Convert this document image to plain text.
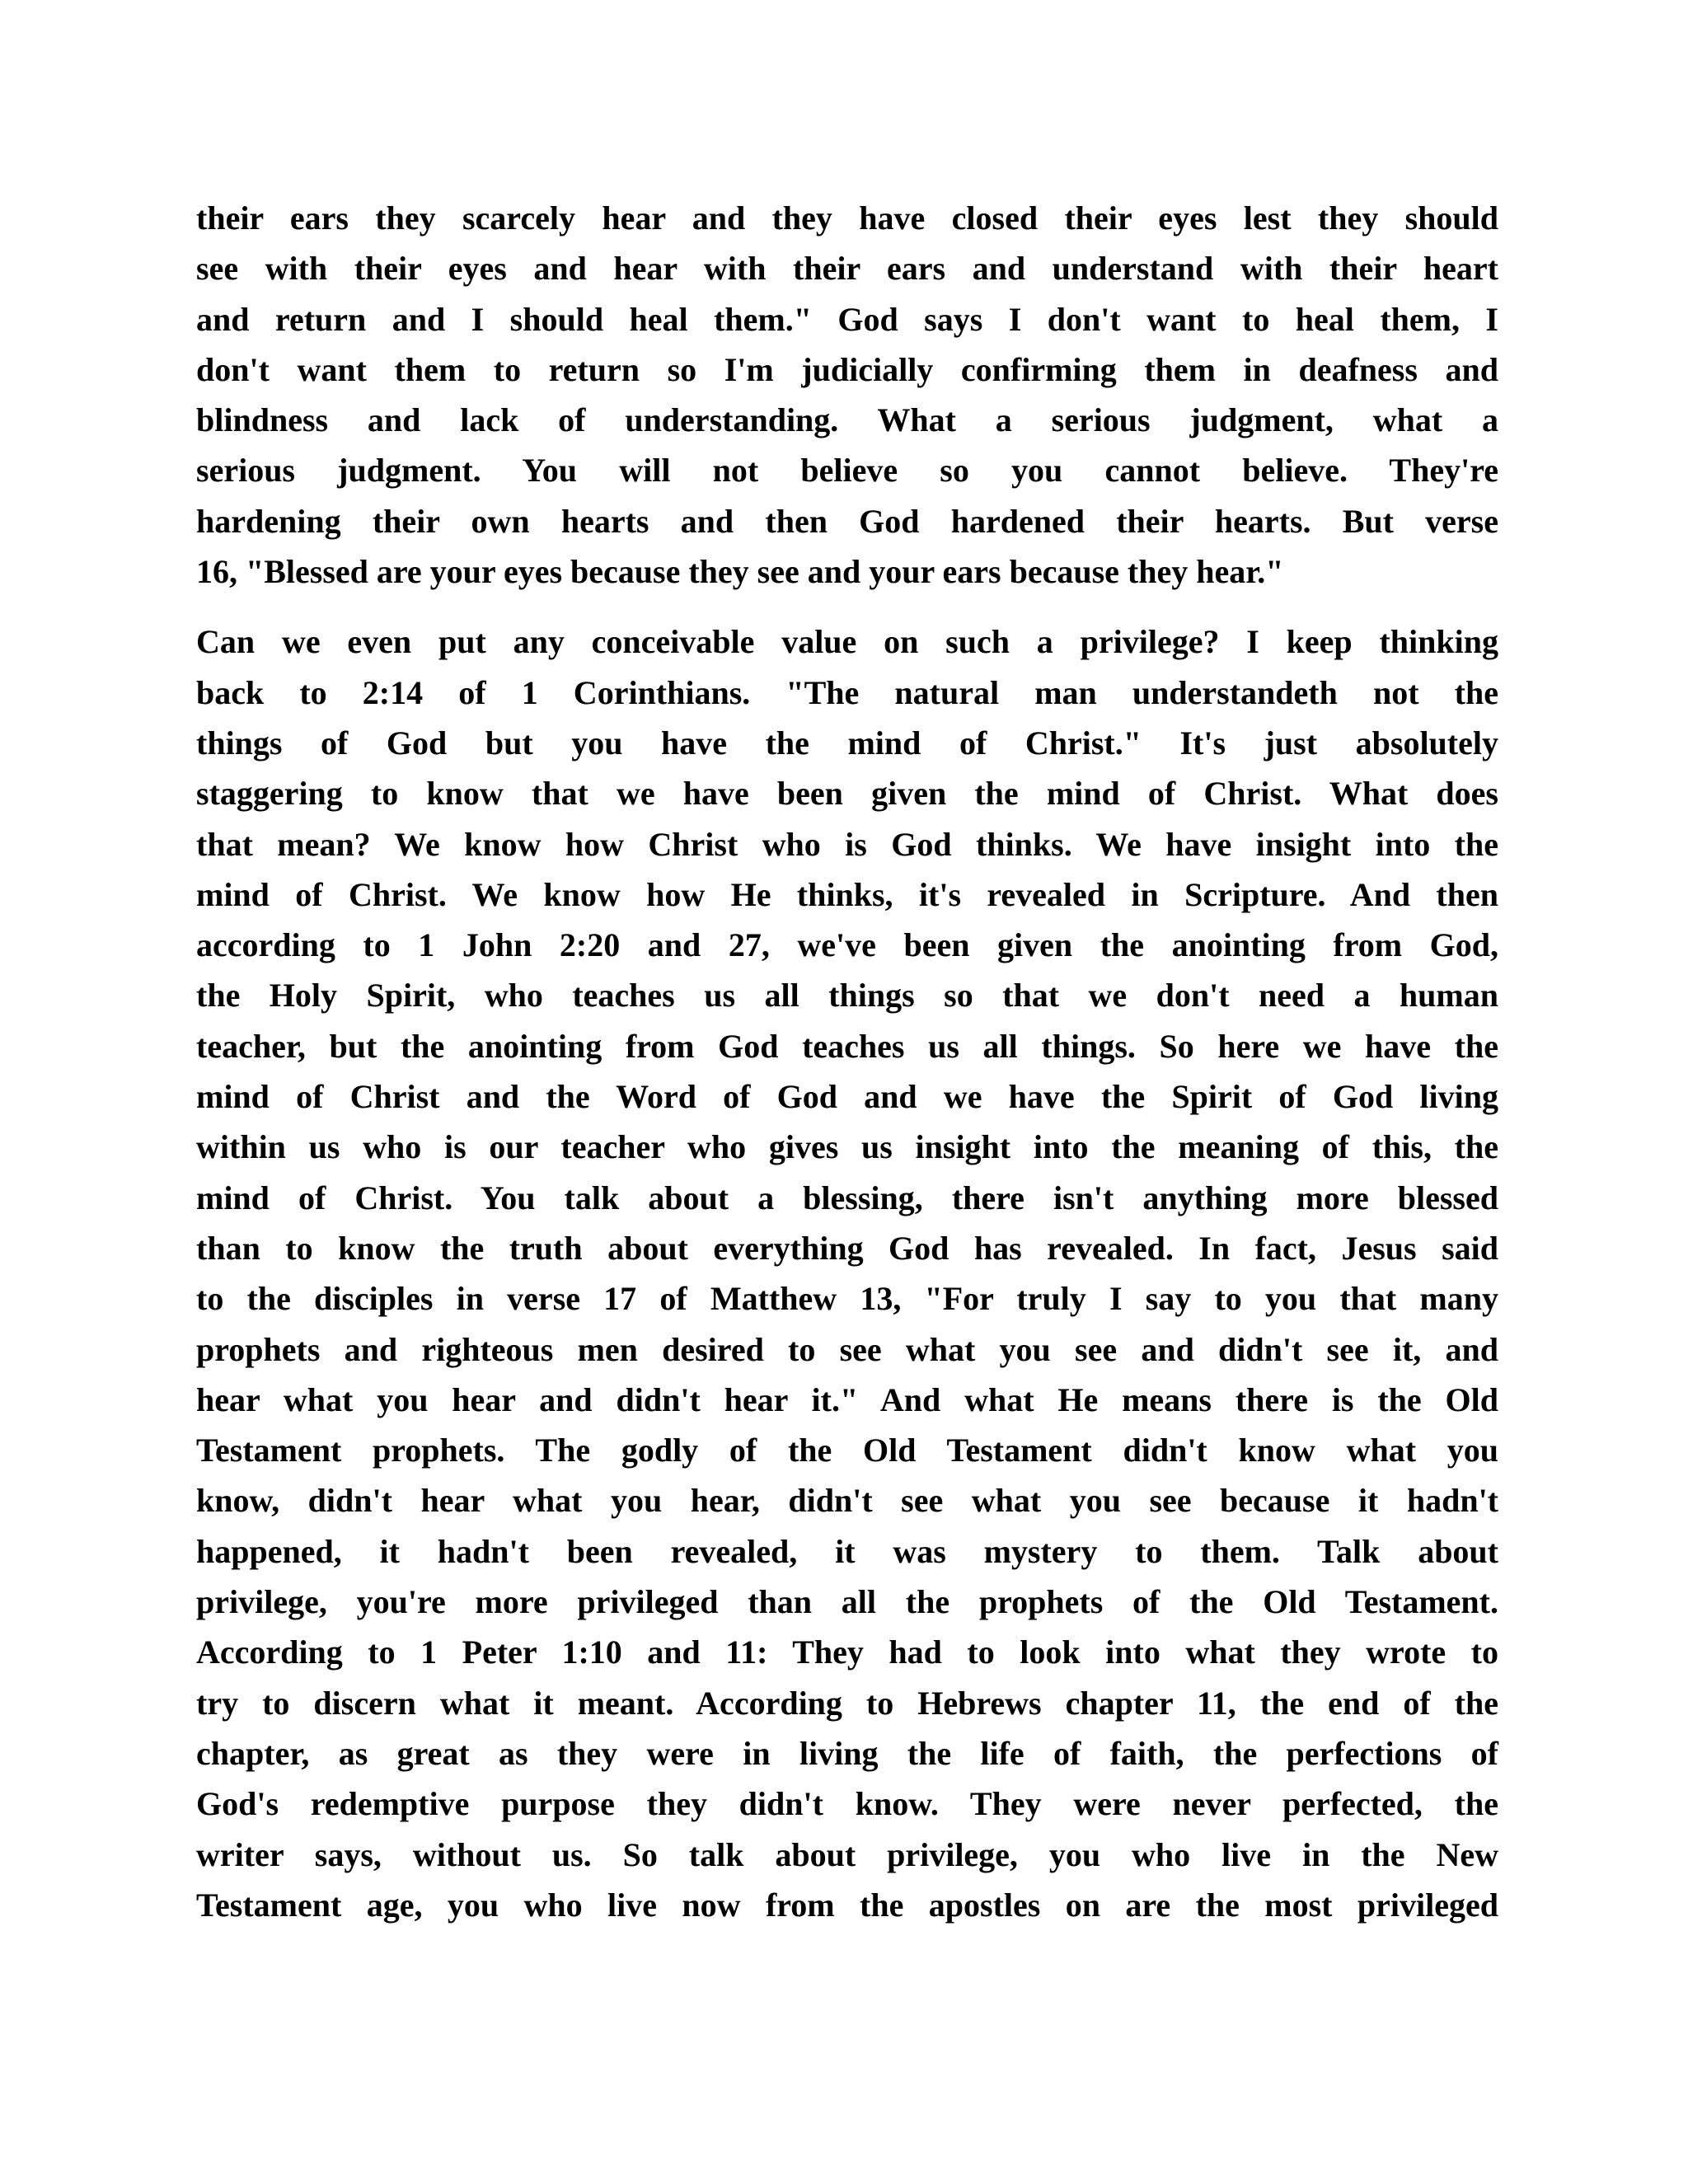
their ears they scarcely hear and they have closed their eyes lest they should
see with their eyes and hear with their ears and understand with their heart
and return and I should heal them." God says I don't want to heal them, I
don't want them to return so I'm judicially confirming them in deafness and
blindness and lack of understanding. What a serious judgment, what a
serious judgment. You will not believe so you cannot believe. They're
hardening their own hearts and then God hardened their hearts. But verse
16, "Blessed are your eyes because they see and your ears because they hear."

Can we even put any conceivable value on such a privilege? I keep thinking
back to 2:14 of 1 Corinthians. "The natural man understandeth not the
things of God but you have the mind of Christ." It's just absolutely
staggering to know that we have been given the mind of Christ. What does
that mean? We know how Christ who is God thinks. We have insight into the
mind of Christ. We know how He thinks, it's revealed in Scripture. And then
according to 1 John 2:20 and 27, we've been given the anointing from God,
the Holy Spirit, who teaches us all things so that we don't need a human
teacher, but the anointing from God teaches us all things. So here we have the
mind of Christ and the Word of God and we have the Spirit of God living
within us who is our teacher who gives us insight into the meaning of this, the
mind of Christ. You talk about a blessing, there isn't anything more blessed
than to know the truth about everything God has revealed. In fact, Jesus said
to the disciples in verse 17 of Matthew 13, "For truly I say to you that many
prophets and righteous men desired to see what you see and didn't see it, and
hear what you hear and didn't hear it." And what He means there is the Old
Testament prophets. The godly of the Old Testament didn't know what you
know, didn't hear what you hear, didn't see what you see because it hadn't
happened, it hadn't been revealed, it was mystery to them. Talk about
privilege, you're more privileged than all the prophets of the Old Testament.
According to 1 Peter 1:10 and 11: They had to look into what they wrote to
try to discern what it meant. According to Hebrews chapter 11, the end of the
chapter, as great as they were in living the life of faith, the perfections of
God's redemptive purpose they didn't know. They were never perfected, the
writer says, without us. So talk about privilege, you who live in the New
Testament age, you who live now from the apostles on are the most privileged
